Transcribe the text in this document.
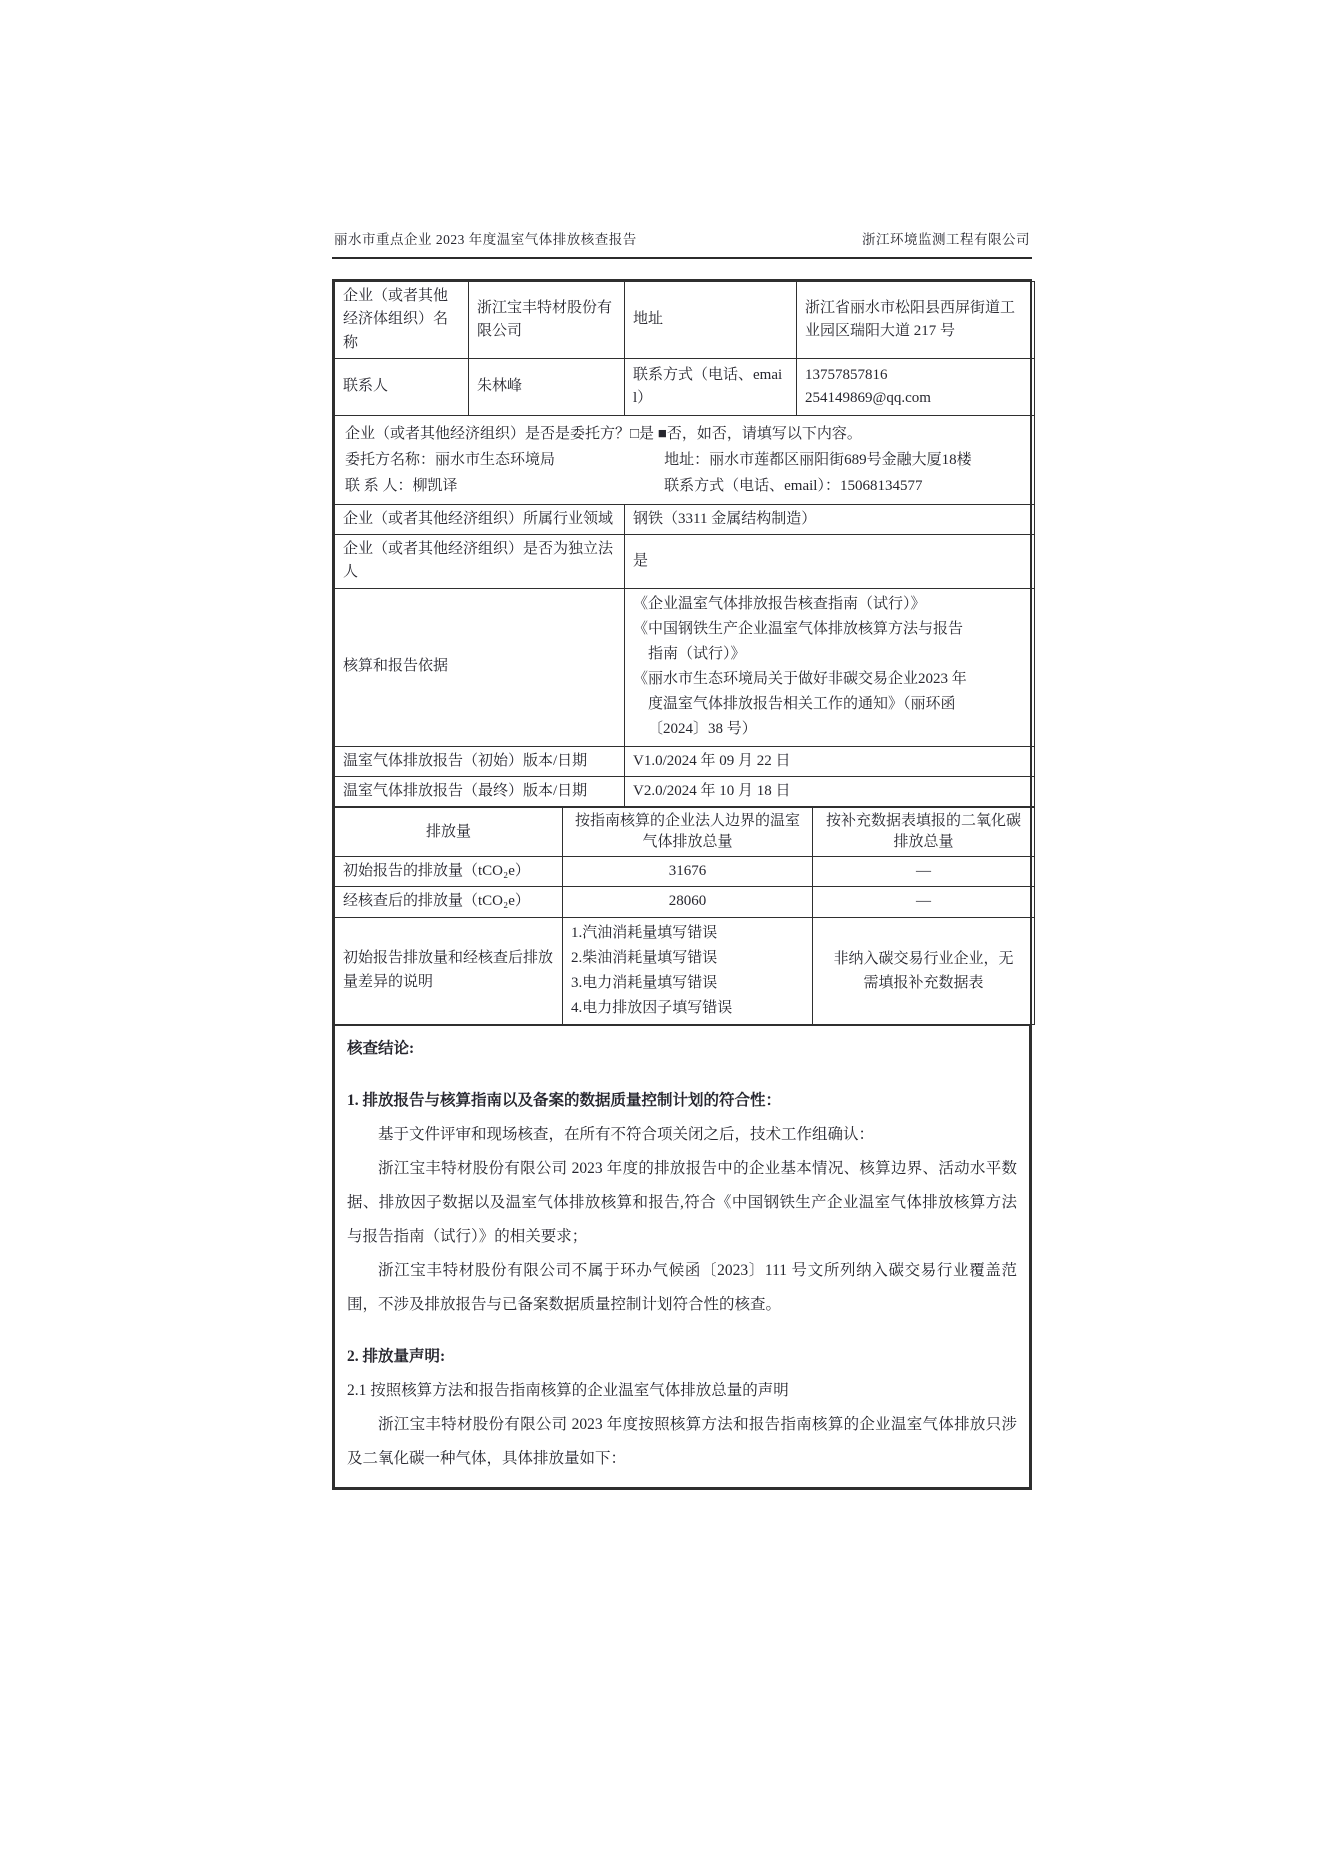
丽水市重点企业 2023 年度温室气体排放核查报告	浙江环境监测工程有限公司
企业（或者其他经济体组织）名称	浙江宝丰特材股份有限公司	地址	浙江省丽水市松阳县西屏街道工业园区瑞阳大道 217 号
联系人	朱林峰	联系方式（电话、email）	13757857816
254149869@qq.com

企业（或者其他经济组织）是否是委托方？□是 ■否，如否，请填写以下内容。
委托方名称：丽水市生态环境局 地址：丽水市莲都区丽阳街689号金融大厦18楼
联 系 人：柳凯译 联系方式（电话、email）：15068134577			

企业（或者其他经济组织）所属行业领域		钢铁（3311 金属结构制造）	
企业（或者其他经济组织）是否为独立法人		是	
核算和报告依据		《企业温室气体排放报告核查指南（试行）》
《中国钢铁生产企业温室气体排放核算方法与报告指南（试行）》
《丽水市生态环境局关于做好非碳交易企业2023 年度温室气体排放报告相关工作的通知》（丽环函〔2024〕38 号）	

温室气体排放报告（初始）版本/日期		V1.0/2024 年 09 月 22 日	
温室气体排放报告（最终）版本/日期		V2.0/2024 年 10 月 18 日	
排放量	按指南核算的企业法人边界的温室气体排放总量	按补充数据表填报的二氧化碳排放总量
初始报告的排放量（tCO₂e）	31676	—
经核查后的排放量（tCO₂e）	28060	—
初始报告排放量和经核查后排放量差异的说明	1.汽油消耗量填写错误
2.柴油消耗量填写错误
3.电力消耗量填写错误
4.电力排放因子填写错误	非纳入碳交易行业企业，无需填报补充数据表
核查结论:
1. 排放报告与核算指南以及备案的数据质量控制计划的符合性：
基于文件评审和现场核查，在所有不符合项关闭之后，技术工作组确认：
浙江宝丰特材股份有限公司 2023 年度的排放报告中的企业基本情况、核算边界、活动水平数据、排放因子数据以及温室气体排放核算和报告,符合《中国钢铁生产企业温室气体排放核算方法与报告指南（试行）》的相关要求；
浙江宝丰特材股份有限公司不属于环办气候函〔2023〕111 号文所列纳入碳交易行业覆盖范围，不涉及排放报告与已备案数据质量控制计划符合性的核查。
2. 排放量声明:
2.1 按照核算方法和报告指南核算的企业温室气体排放总量的声明
浙江宝丰特材股份有限公司 2023 年度按照核算方法和报告指南核算的企业温室气体排放只涉及二氧化碳一种气体，具体排放量如下：
